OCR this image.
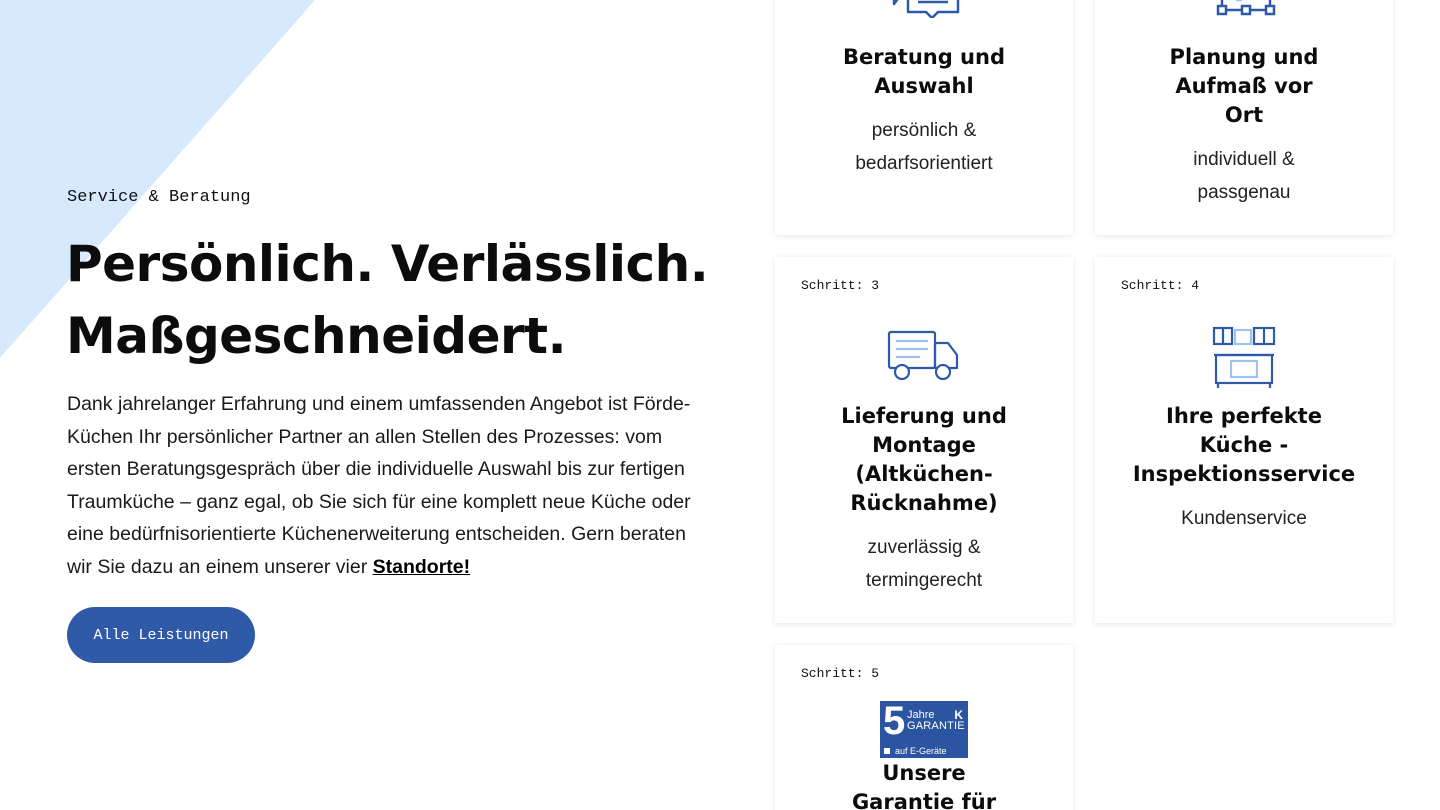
Service & Beratung
Persönlich. Verlässlich.
Maßgeschneidert.

Dank jahrelanger Erfahrung und einem umfassenden Angebot ist Förde-Küchen Ihr persönlicher Partner an allen Stellen des Prozesses: vom ersten Beratungsgespräch über die individuelle Auswahl bis zur fertigen Traumküche – ganz egal, ob Sie sich für eine komplett neue Küche oder eine bedürfnisorientierte Küchenerweiterung entscheiden. Gern beraten wir Sie dazu an einem unserer vier Standorte!

Alle Leistungen
Beratung und
Auswahl
persönlich &
bedarfsorientiert
Planung und
Aufmaß vor
Ort
individuell &
passgenau
Schritt: 3
Lieferung und
Montage
(Altküchen-
Rücknahme)
zuverlässig &
termingerecht
Schritt: 4
Ihre perfekte
Küche -
Inspektionsservice
Kundenservice
Schritt: 5
5 Jahre K
GARANTIE
auf E-Geräte
Unsere
Garantie für
